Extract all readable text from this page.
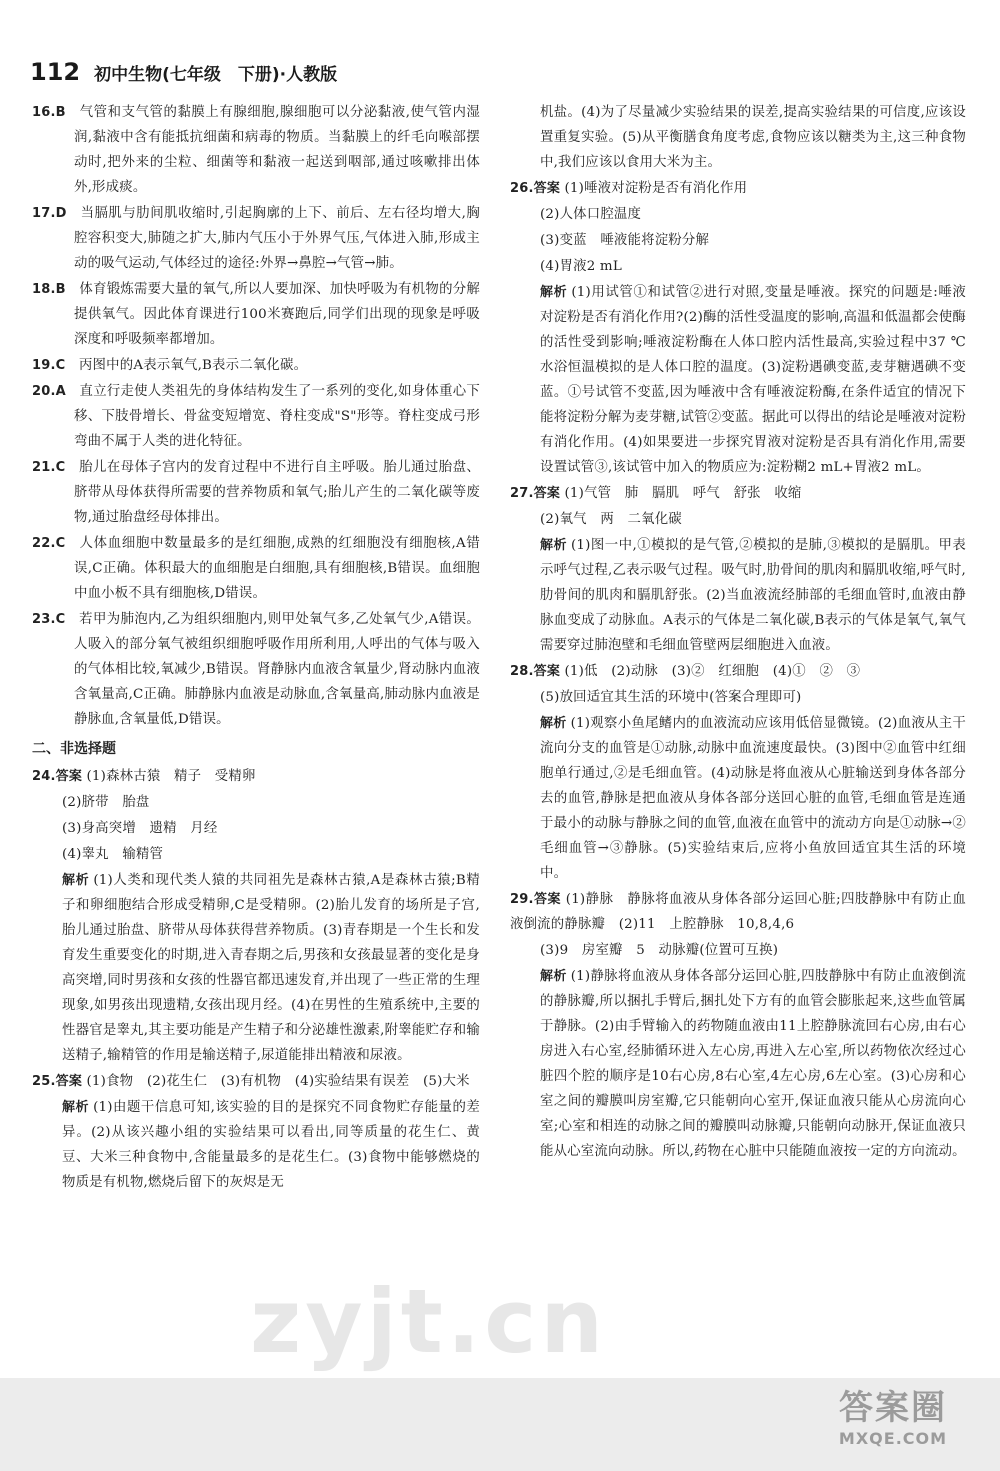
112 初中生物(七年级　下册)·人教版

16.B  气管和支气管的黏膜上有腺细胞,腺细胞可以分泌黏液,使气管内湿润,黏液中含有能抵抗细菌和病毒的物质。当黏膜上的纤毛向喉部摆动时,把外来的尘粒、细菌等和黏液一起送到咽部,通过咳嗽排出体外,形成痰。

17.D  当膈肌与肋间肌收缩时,引起胸廓的上下、前后、左右径均增大,胸腔容积变大,肺随之扩大,肺内气压小于外界气压,气体进入肺,形成主动的吸气运动,气体经过的途径:外界→鼻腔→气管→肺。

18.B  体育锻炼需要大量的氧气,所以人要加深、加快呼吸为有机物的分解提供氧气。因此体育课进行100米赛跑后,同学们出现的现象是呼吸深度和呼吸频率都增加。

19.C  丙图中的A表示氧气,B表示二氧化碳。

20.A  直立行走使人类祖先的身体结构发生了一系列的变化,如身体重心下移、下肢骨增长、骨盆变短增宽、脊柱变成"S"形等。脊柱变成弓形弯曲不属于人类的进化特征。

21.C  胎儿在母体子宫内的发育过程中不进行自主呼吸。胎儿通过胎盘、脐带从母体获得所需要的营养物质和氧气;胎儿产生的二氧化碳等废物,通过胎盘经母体排出。

22.C  人体血细胞中数量最多的是红细胞,成熟的红细胞没有细胞核,A错误,C正确。体积最大的血细胞是白细胞,具有细胞核,B错误。血细胞中血小板不具有细胞核,D错误。

23.C  若甲为肺泡内,乙为组织细胞内,则甲处氧气多,乙处氧气少,A错误。人吸入的部分氧气被组织细胞呼吸作用所利用,人呼出的气体与吸入的气体相比较,氧减少,B错误。肾静脉内血液含氧量少,肾动脉内血液含氧量高,C正确。肺静脉内血液是动脉血,含氧量高,肺动脉内血液是静脉血,含氧量低,D错误。

二、非选择题

24.答案 (1)森林古猿　精子　受精卵

(2)脐带　胎盘

(3)身高突增　遗精　月经

(4)睾丸　输精管

解析 (1)人类和现代类人猿的共同祖先是森林古猿,A是森林古猿;B精子和卵细胞结合形成受精卵,C是受精卵。(2)胎儿发育的场所是子宫,胎儿通过胎盘、脐带从母体获得营养物质。(3)青春期是一个生长和发育发生重要变化的时期,进入青春期之后,男孩和女孩最显著的变化是身高突增,同时男孩和女孩的性器官都迅速发育,并出现了一些正常的生理现象,如男孩出现遗精,女孩出现月经。(4)在男性的生殖系统中,主要的性器官是睾丸,其主要功能是产生精子和分泌雄性激素,附睾能贮存和输送精子,输精管的作用是输送精子,尿道能排出精液和尿液。

25.答案 (1)食物　(2)花生仁　(3)有机物　(4)实验结果有误差　(5)大米

解析 (1)由题干信息可知,该实验的目的是探究不同食物贮存能量的差异。(2)从该兴趣小组的实验结果可以看出,同等质量的花生仁、黄豆、大米三种食物中,含能量最多的是花生仁。(3)食物中能够燃烧的物质是有机物,燃烧后留下的灰烬是无

机盐。(4)为了尽量减少实验结果的误差,提高实验结果的可信度,应该设置重复实验。(5)从平衡膳食角度考虑,食物应该以糖类为主,这三种食物中,我们应该以食用大米为主。

26.答案 (1)唾液对淀粉是否有消化作用

(2)人体口腔温度

(3)变蓝　唾液能将淀粉分解

(4)胃液2 mL

解析 (1)用试管①和试管②进行对照,变量是唾液。探究的问题是:唾液对淀粉是否有消化作用?(2)酶的活性受温度的影响,高温和低温都会使酶的活性受到影响;唾液淀粉酶在人体口腔内活性最高,实验过程中37 ℃水浴恒温模拟的是人体口腔的温度。(3)淀粉遇碘变蓝,麦芽糖遇碘不变蓝。①号试管不变蓝,因为唾液中含有唾液淀粉酶,在条件适宜的情况下能将淀粉分解为麦芽糖,试管②变蓝。据此可以得出的结论是唾液对淀粉有消化作用。(4)如果要进一步探究胃液对淀粉是否具有消化作用,需要设置试管③,该试管中加入的物质应为:淀粉糊2 mL+胃液2 mL。

27.答案 (1)气管　肺　膈肌　呼气　舒张　收缩

(2)氧气　两　二氧化碳

解析 (1)图一中,①模拟的是气管,②模拟的是肺,③模拟的是膈肌。甲表示呼气过程,乙表示吸气过程。吸气时,肋骨间的肌肉和膈肌收缩,呼气时,肋骨间的肌肉和膈肌舒张。(2)当血液流经肺部的毛细血管时,血液由静脉血变成了动脉血。A表示的气体是二氧化碳,B表示的气体是氧气,氧气需要穿过肺泡壁和毛细血管壁两层细胞进入血液。

28.答案 (1)低　(2)动脉　(3)②　红细胞　(4)①　②　③

(5)放回适宜其生活的环境中(答案合理即可)

解析 (1)观察小鱼尾鳍内的血液流动应该用低倍显微镜。(2)血液从主干流向分支的血管是①动脉,动脉中血流速度最快。(3)图中②血管中红细胞单行通过,②是毛细血管。(4)动脉是将血液从心脏输送到身体各部分去的血管,静脉是把血液从身体各部分送回心脏的血管,毛细血管是连通于最小的动脉与静脉之间的血管,血液在血管中的流动方向是①动脉→②毛细血管→③静脉。(5)实验结束后,应将小鱼放回适宜其生活的环境中。

29.答案 (1)静脉　静脉将血液从身体各部分运回心脏;四肢静脉中有防止血液倒流的静脉瓣　(2)11　上腔静脉　10,8,4,6

(3)9　房室瓣　5　动脉瓣(位置可互换)

解析 (1)静脉将血液从身体各部分运回心脏,四肢静脉中有防止血液倒流的静脉瓣,所以捆扎手臂后,捆扎处下方有的血管会膨胀起来,这些血管属于静脉。(2)由手臂输入的药物随血液由11上腔静脉流回右心房,由右心房进入右心室,经肺循环进入左心房,再进入左心室,所以药物依次经过心脏四个腔的顺序是10右心房,8右心室,4左心房,6左心室。(3)心房和心室之间的瓣膜叫房室瓣,它只能朝向心室开,保证血液只能从心房流向心室;心室和相连的动脉之间的瓣膜叫动脉瓣,只能朝向动脉开,保证血液只能从心室流向动脉。所以,药物在心脏中只能随血液按一定的方向流动。

zyjt.cn
答案圈
MXQE.COM
